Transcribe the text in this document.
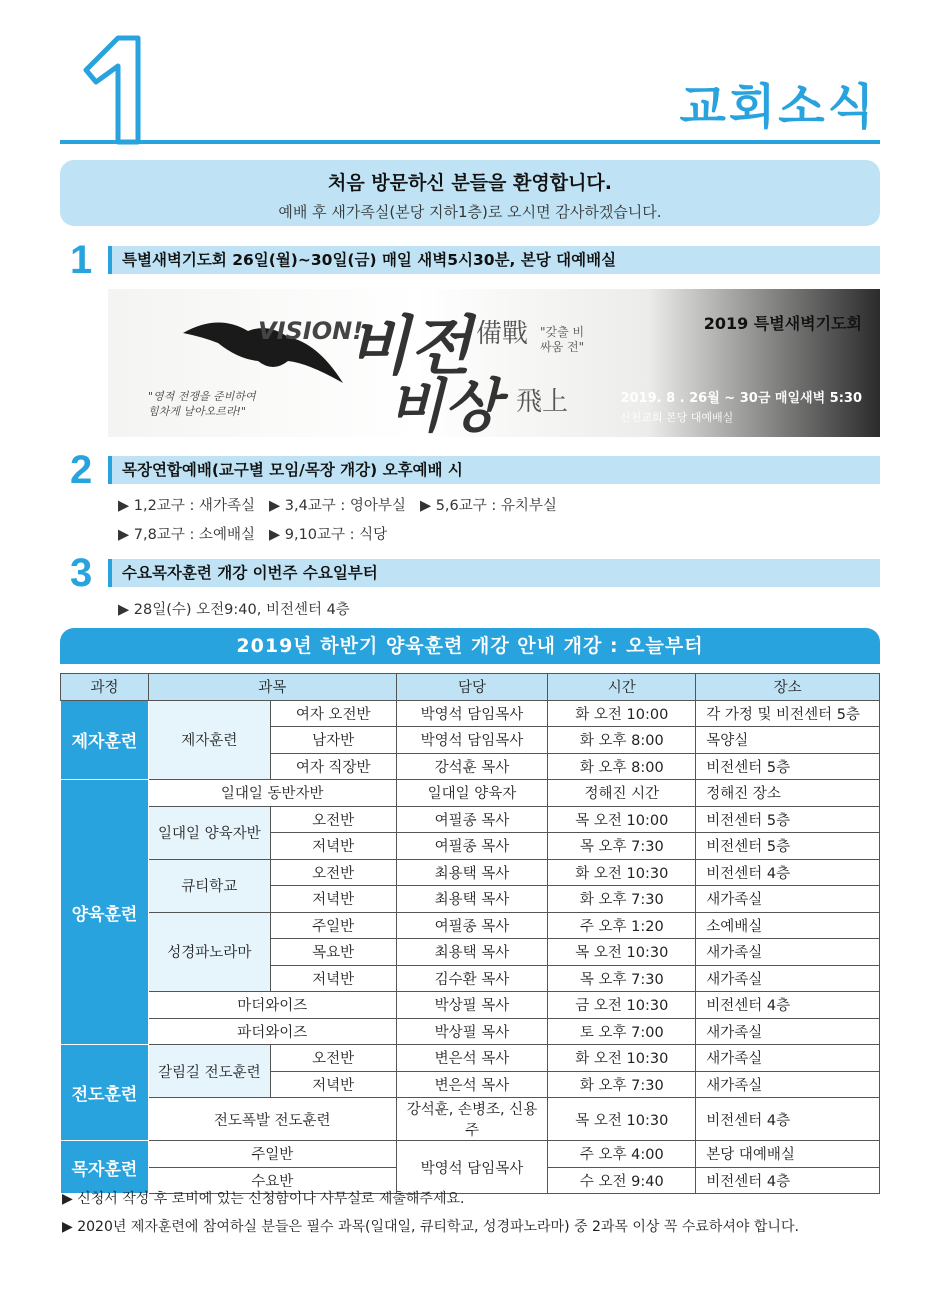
교회소식
처음 방문하신 분들을 환영합니다.
예배 후 새가족실(본당 지하1층)로 오시면 감사하겠습니다.
1	특별새벽기도회 26일(월)~30일(금) 매일 새벽5시30분, 본당 대예배실
"영적 전쟁을 준비하여
힘차게 날아오르라!"
VISION!
비전
비상
備戰 "갖출 비
싸움 전"
飛上
2019 특별새벽기도회
2019. 8 . 26월 ~ 30금 매일새벽 5:30
신천교회 본당 대예배실
2	목장연합예배(교구별 모임/목장 개강) 오후예배 시
▶ 1,2교구 : 새가족실 ▶ 3,4교구 : 영아부실 ▶ 5,6교구 : 유치부실
▶ 7,8교구 : 소예배실 ▶ 9,10교구 : 식당
3	수요목자훈련 개강 이번주 수요일부터
▶ 28일(수) 오전9:40, 비전센터 4층
2019년 하반기 양육훈련 개강 안내 개강 : 오늘부터
과정	과목		담당	시간	장소
제자훈련	제자훈련	여자 오전반	박영석 담임목사	화 오전 10:00	각 가정 및 비전센터 5층
		남자반	박영석 담임목사	화 오후 8:00	목양실
		여자 직장반	강석훈 목사	화 오후 8:00	비전센터 5층
양육훈련	일대일 동반자반		일대일 양육자	정해진 시간	정해진 장소
	일대일 양육자반	오전반	여필종 목사	목 오전 10:00	비전센터 5층
		저녁반	여필종 목사	목 오후 7:30	비전센터 5층
	큐티학교	오전반	최용택 목사	화 오전 10:30	비전센터 4층
		저녁반	최용택 목사	화 오후 7:30	새가족실
	성경파노라마	주일반	여필종 목사	주 오후 1:20	소예배실
		목요반	최용택 목사	목 오전 10:30	새가족실
		저녁반	김수환 목사	목 오후 7:30	새가족실
	마더와이즈		박상필 목사	금 오전 10:30	비전센터 4층
	파더와이즈		박상필 목사	토 오후 7:00	새가족실
전도훈련	갈림길 전도훈련	오전반	변은석 목사	화 오전 10:30	새가족실
		저녁반	변은석 목사	화 오후 7:30	새가족실
	전도폭발 전도훈련		강석훈, 손병조, 신용주	목 오전 10:30	비전센터 4층
목자훈련	주일반		박영석 담임목사	주 오후 4:00	본당 대예배실
	수요반			수 오전 9:40	비전센터 4층
▶ 신청서 작성 후 로비에 있는 신청함이나 사무실로 제출해주세요.
▶ 2020년 제자훈련에 참여하실 분들은 필수 과목(일대일, 큐티학교, 성경파노라마) 중 2과목 이상 꼭 수료하셔야 합니다.
